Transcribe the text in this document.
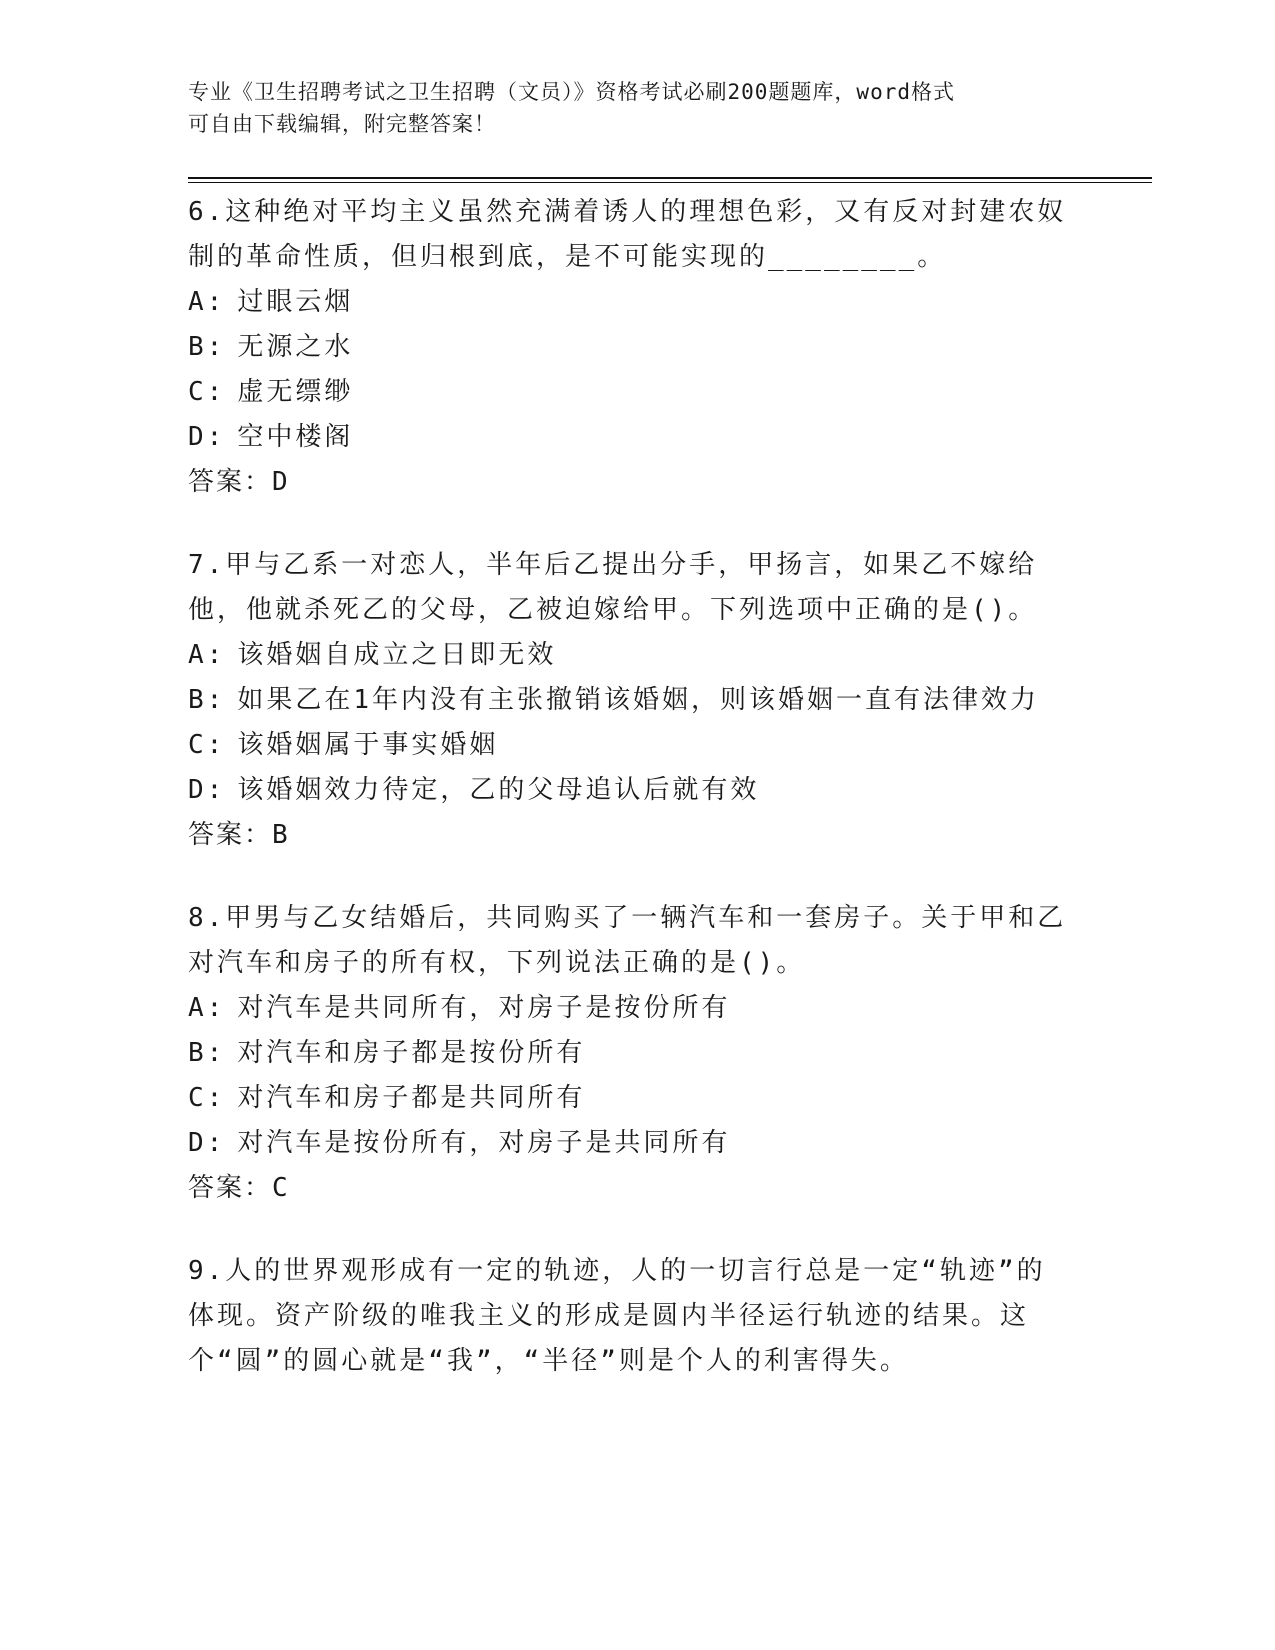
专业《卫生招聘考试之卫生招聘（文员）》资格考试必刷200题题库，word格式
可自由下载编辑，附完整答案！
6.这种绝对平均主义虽然充满着诱人的理想色彩，又有反对封建农奴制的革命性质，但归根到底，是不可能实现的________。
A: 过眼云烟
B: 无源之水
C: 虚无缥缈
D: 空中楼阁
答案：D
7.甲与乙系一对恋人，半年后乙提出分手，甲扬言，如果乙不嫁给他，他就杀死乙的父母，乙被迫嫁给甲。下列选项中正确的是()。
A: 该婚姻自成立之日即无效
B: 如果乙在1年内没有主张撤销该婚姻，则该婚姻一直有法律效力
C: 该婚姻属于事实婚姻
D: 该婚姻效力待定，乙的父母追认后就有效
答案：B
8.甲男与乙女结婚后，共同购买了一辆汽车和一套房子。关于甲和乙对汽车和房子的所有权，下列说法正确的是()。
A: 对汽车是共同所有，对房子是按份所有
B: 对汽车和房子都是按份所有
C: 对汽车和房子都是共同所有
D: 对汽车是按份所有，对房子是共同所有
答案：C
9.人的世界观形成有一定的轨迹，人的一切言行总是一定“轨迹”的体现。资产阶级的唯我主义的形成是圆内半径运行轨迹的结果。这个“圆”的圆心就是“我”，“半径”则是个人的利害得失。
